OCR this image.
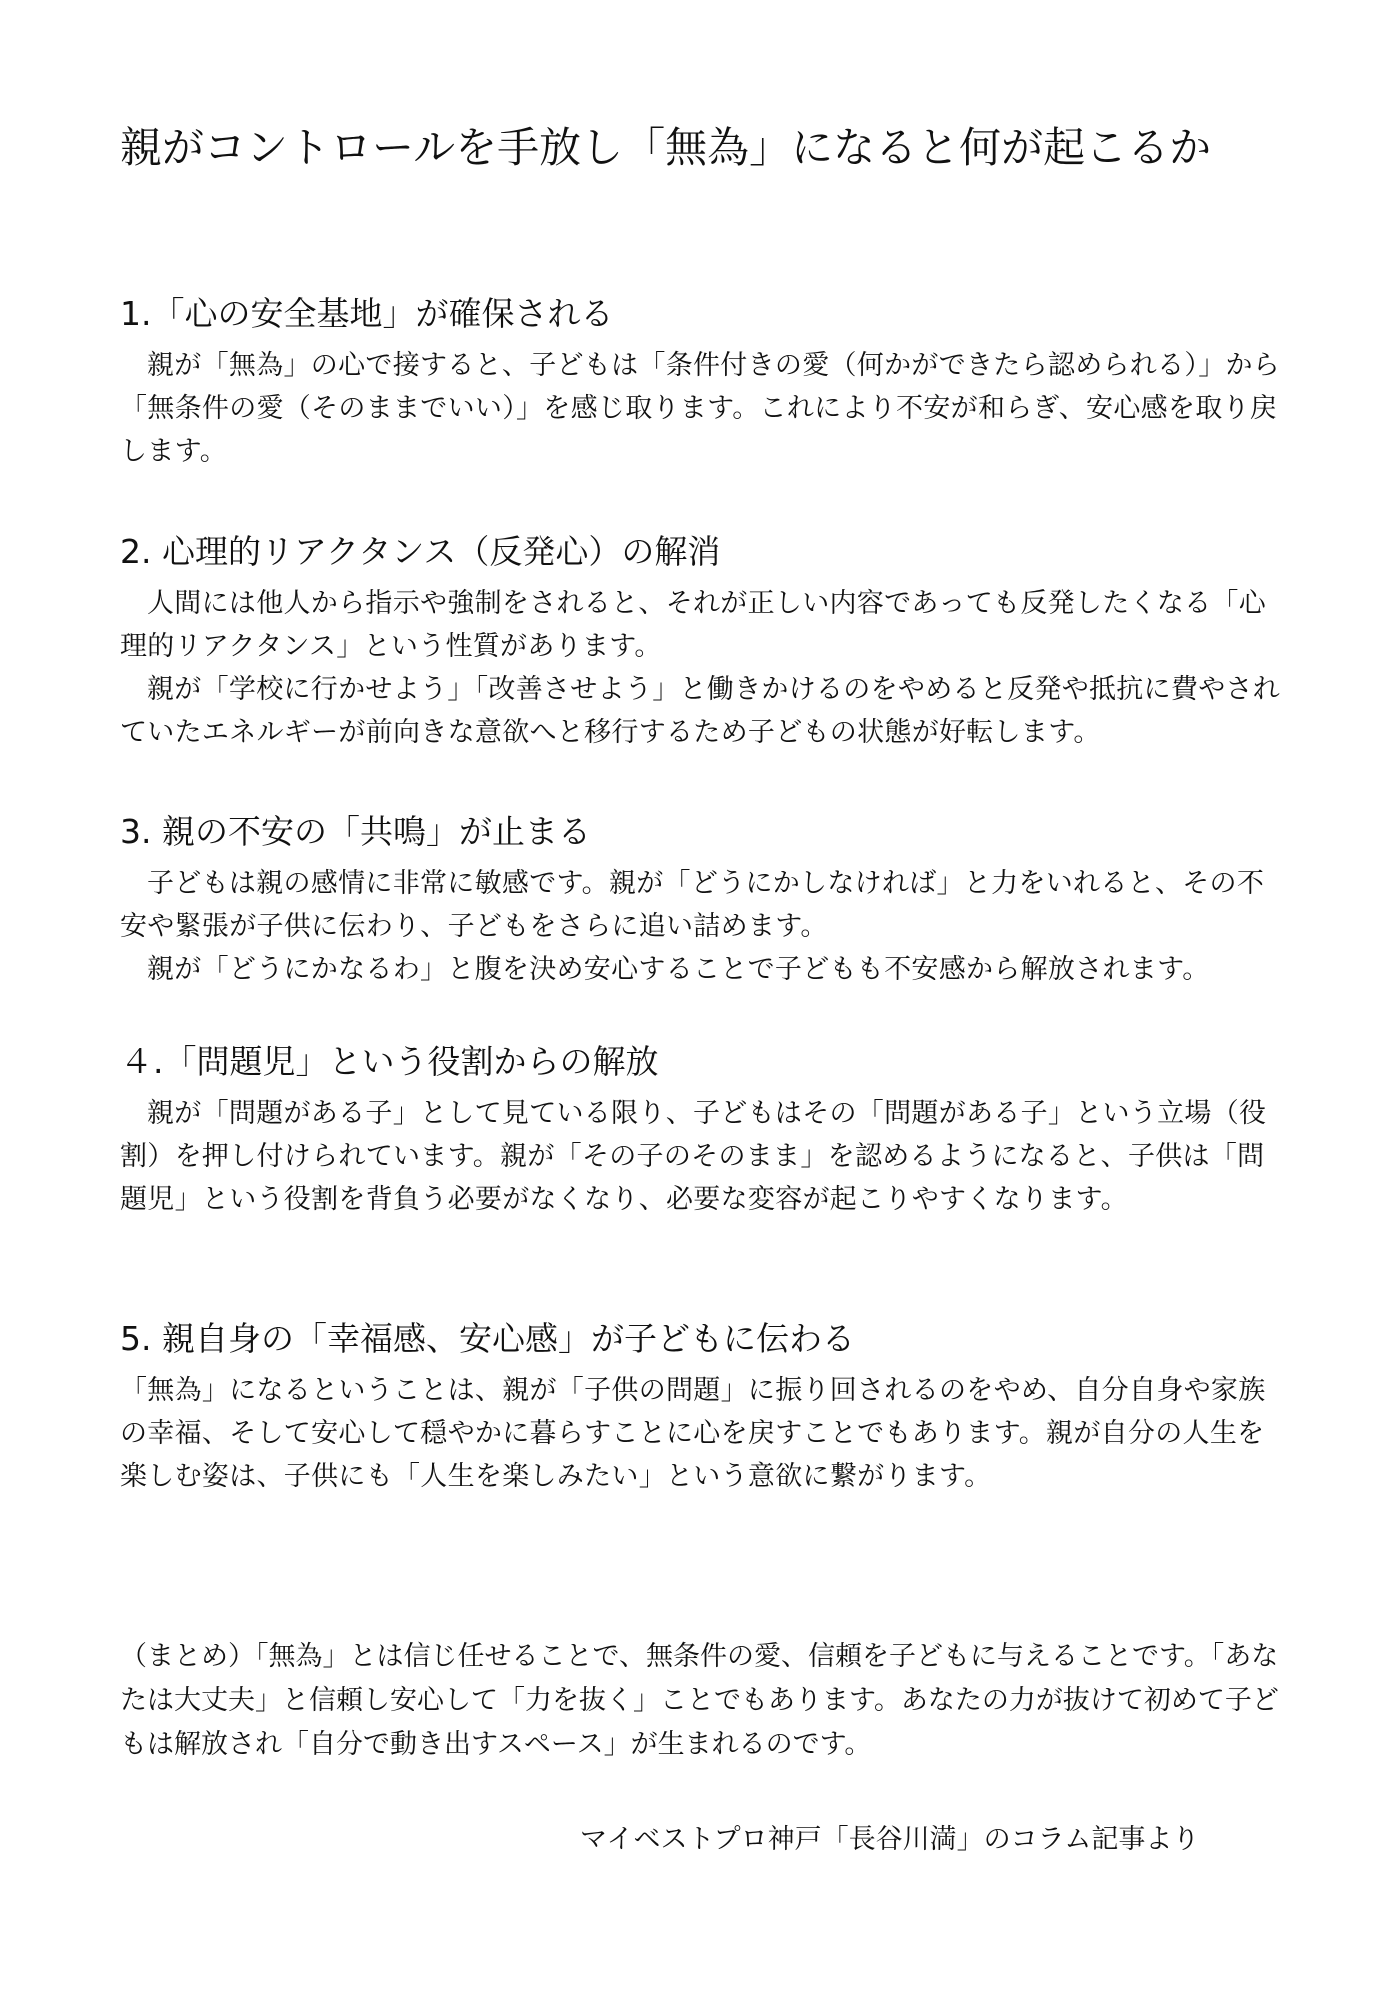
親がコントロールを手放し「無為」になると何が起こるか
1.「心の安全基地」が確保される

親が「無為」の心で接すると、子どもは「条件付きの愛（何かができたら認められる）」から「無条件の愛（そのままでいい）」を感じ取ります。これにより不安が和らぎ、安心感を取り戻します。

2. 心理的リアクタンス（反発心）の解消

人間には他人から指示や強制をされると、それが正しい内容であっても反発したくなる「心理的リアクタンス」という性質があります。

親が「学校に行かせよう」「改善させよう」と働きかけるのをやめると反発や抵抗に費やされていたエネルギーが前向きな意欲へと移行するため子どもの状態が好転します。

3. 親の不安の「共鳴」が止まる

子どもは親の感情に非常に敏感です。親が「どうにかしなければ」と力をいれると、その不安や緊張が子供に伝わり、子どもをさらに追い詰めます。

親が「どうにかなるわ」と腹を決め安心することで子どもも不安感から解放されます。

４.「問題児」という役割からの解放

親が「問題がある子」として見ている限り、子どもはその「問題がある子」という立場（役割）を押し付けられています。親が「その子のそのまま」を認めるようになると、子供は「問題児」という役割を背負う必要がなくなり、必要な変容が起こりやすくなります。

5. 親自身の「幸福感、安心感」が子どもに伝わる

「無為」になるということは、親が「子供の問題」に振り回されるのをやめ、自分自身や家族の幸福、そして安心して穏やかに暮らすことに心を戻すことでもあります。親が自分の人生を楽しむ姿は、子供にも「人生を楽しみたい」という意欲に繋がります。

（まとめ）「無為」とは信じ任せることで、無条件の愛、信頼を子どもに与えることです。「あなたは大丈夫」と信頼し安心して「力を抜く」ことでもあります。あなたの力が抜けて初めて子どもは解放され「自分で動き出すスペース」が生まれるのです。

マイベストプロ神戸「長谷川満」のコラム記事より
